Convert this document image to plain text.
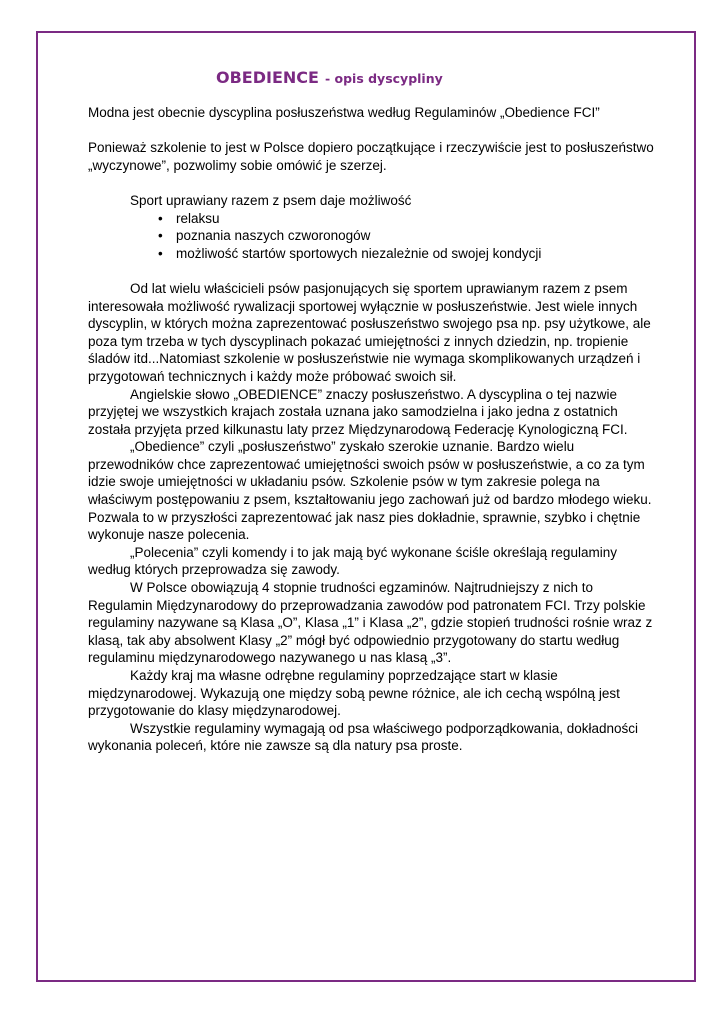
OBEDIENCE - opis dyscypliny

Modna jest obecnie dyscyplina posłuszeństwa według Regulaminów „Obedience FCI”

Ponieważ szkolenie to jest w Polsce dopiero początkujące i rzeczywiście jest to posłuszeństwo „wyczynowe”, pozwolimy sobie omówić je szerzej.

Sport uprawiany razem z psem daje możliwość

• relaksu
• poznania naszych czworonogów
• możliwość startów sportowych niezależnie od swojej kondycji

Od lat wielu właścicieli psów pasjonujących się sportem uprawianym razem z psem interesowała możliwość rywalizacji sportowej wyłącznie w posłuszeństwie. Jest wiele innych dyscyplin, w których można zaprezentować posłuszeństwo swojego psa np. psy użytkowe, ale poza tym trzeba w tych dyscyplinach pokazać umiejętności z innych dziedzin, np. tropienie śladów itd...Natomiast szkolenie w posłuszeństwie nie wymaga skomplikowanych urządzeń i przygotowań technicznych i każdy może próbować swoich sił.

Angielskie słowo „OBEDIENCE” znaczy posłuszeństwo. A dyscyplina o tej nazwie przyjętej we wszystkich krajach została uznana jako samodzielna i jako jedna z ostatnich została przyjęta przed kilkunastu laty przez Międzynarodową Federację Kynologiczną FCI.

„Obedience” czyli „posłuszeństwo” zyskało szerokie uznanie. Bardzo wielu przewodników chce zaprezentować umiejętności swoich psów w posłuszeństwie, a co za tym idzie swoje umiejętności w układaniu psów. Szkolenie psów w tym zakresie polega na właściwym postępowaniu z psem, kształtowaniu jego zachowań już od bardzo młodego wieku. Pozwala to w przyszłości zaprezentować jak nasz pies dokładnie, sprawnie, szybko i chętnie wykonuje nasze polecenia.

„Polecenia” czyli komendy i to jak mają być wykonane ściśle określają regulaminy według których przeprowadza się zawody.

W Polsce obowiązują 4 stopnie trudności egzaminów. Najtrudniejszy z nich to Regulamin Międzynarodowy do przeprowadzania zawodów pod patronatem FCI. Trzy polskie regulaminy nazywane są Klasa „O”, Klasa „1” i Klasa „2”, gdzie stopień trudności rośnie wraz z klasą, tak aby absolwent Klasy „2” mógł być odpowiednio przygotowany do startu według regulaminu międzynarodowego nazywanego u nas klasą „3”.

Każdy kraj ma własne odrębne regulaminy poprzedzające start w klasie międzynarodowej. Wykazują one między sobą pewne różnice, ale ich cechą wspólną jest przygotowanie do klasy międzynarodowej.

Wszystkie regulaminy wymagają od psa właściwego podporządkowania, dokładności wykonania poleceń, które nie zawsze są dla natury psa proste.
